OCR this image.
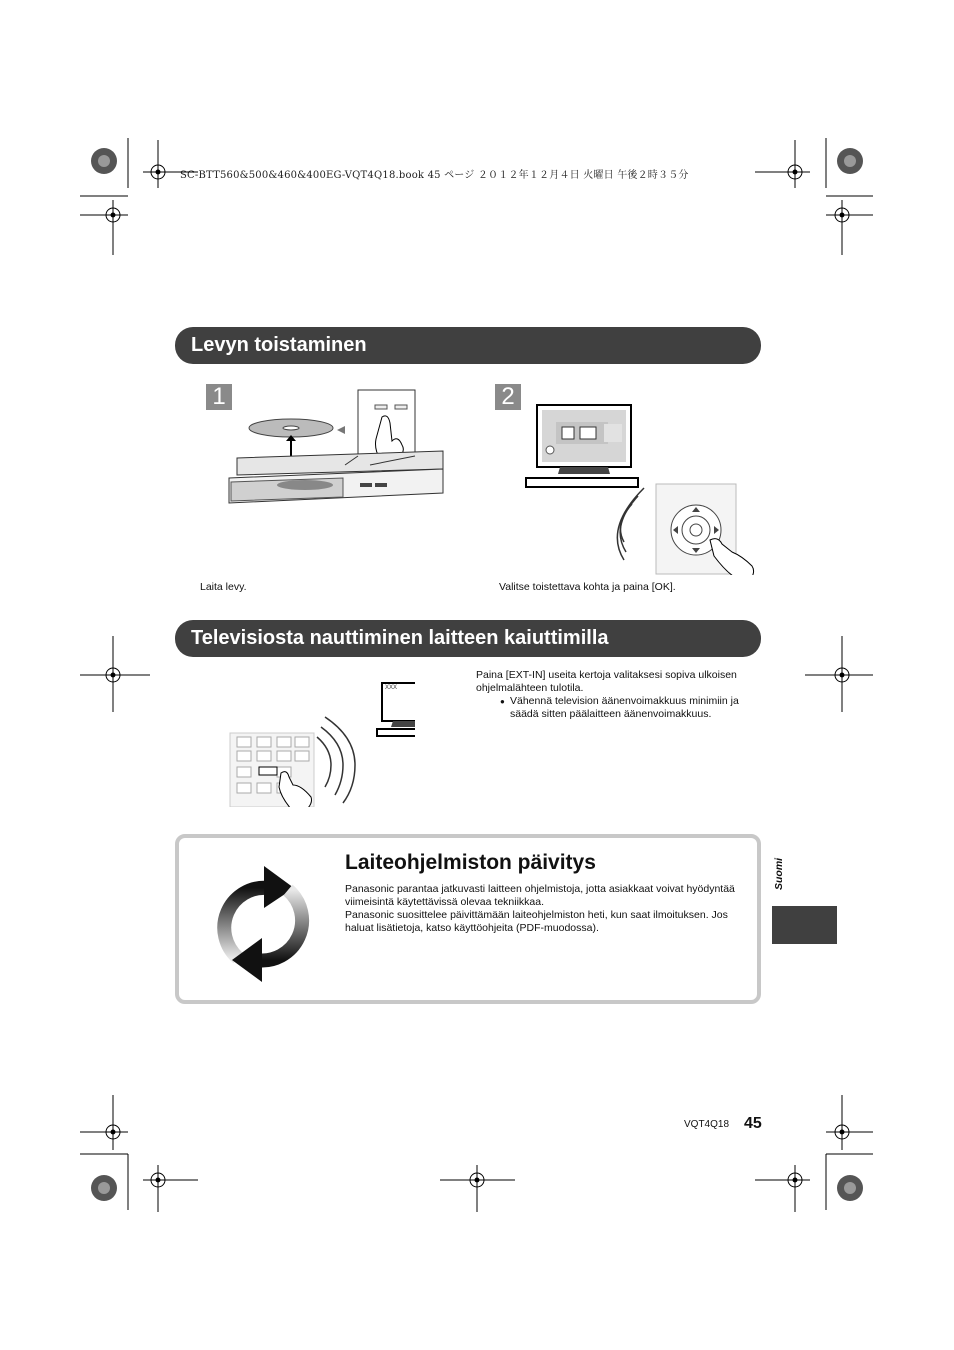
SC-BTT560&500&460&400EG-VQT4Q18.book 45 ページ ２０１２年１２月４日 火曜日 午後２時３５分
Levyn toistaminen
1	2
Laita levy.	Valitse toistettava kohta ja paina [OK].
Televisiosta nauttiminen laitteen kaiuttimilla
XXX
Paina [EXT-IN] useita kertoja valitaksesi sopiva ulkoisen ohjelmalähteen tulotila.
● Vähennä television äänenvoimakkuus minimiin ja säädä sitten päälaitteen äänenvoimakkuus.
Laiteohjelmiston päivitys
Panasonic parantaa jatkuvasti laitteen ohjelmistoja, jotta asiakkaat voivat hyödyntää viimeisintä käytettävissä olevaa tekniikkaa.
Panasonic suosittelee päivittämään laiteohjelmiston heti, kun saat ilmoituksen. Jos haluat lisätietoja, katso käyttöohjeita (PDF-muodossa).
Suomi
VQT4Q18 45
